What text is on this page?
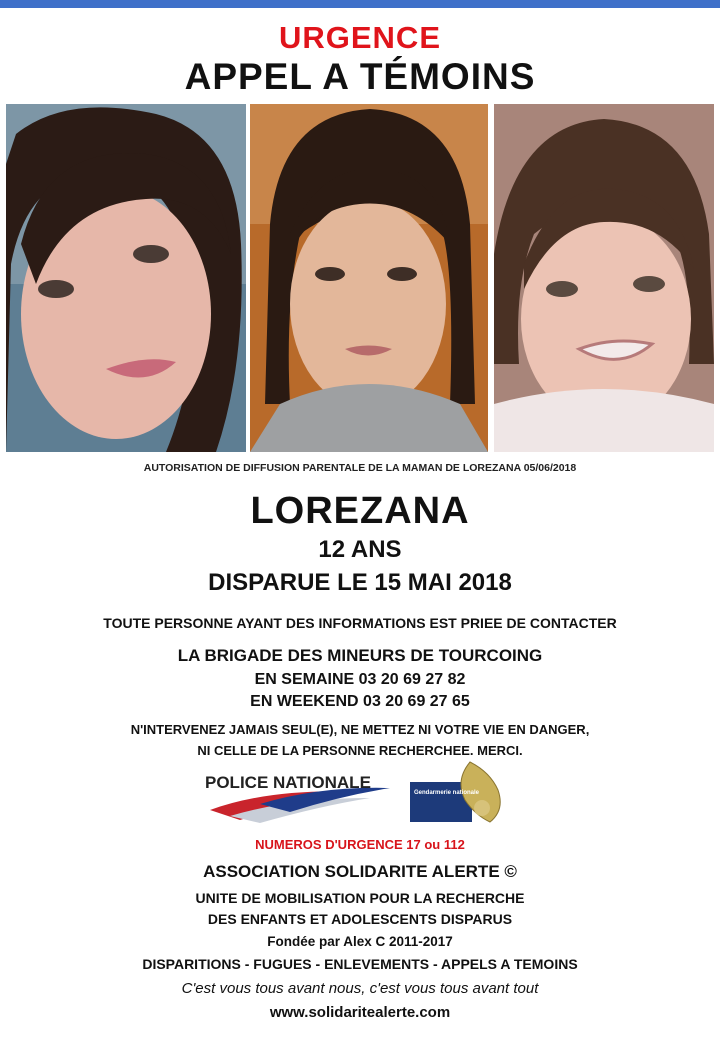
URGENCE
APPEL A TÉMOINS
AUTORISATION DE DIFFUSION PARENTALE DE LA MAMAN DE LOREZANA 05/06/2018
LOREZANA
12 ANS
DISPARUE LE 15 MAI 2018
TOUTE PERSONNE AYANT DES INFORMATIONS EST PRIEE DE CONTACTER
LA BRIGADE DES MINEURS DE TOURCOING
EN SEMAINE 03 20 69 27 82
EN WEEKEND 03 20 69 27 65
N'INTERVENEZ JAMAIS SEUL(E), NE METTEZ NI VOTRE VIE EN DANGER,
NI CELLE DE LA PERSONNE RECHERCHEE. MERCI.
POLICE NATIONALE
Gendarmerie nationale
NUMEROS D'URGENCE 17 ou 112
ASSOCIATION SOLIDARITE ALERTE ©
UNITE DE MOBILISATION POUR LA RECHERCHE
DES ENFANTS ET ADOLESCENTS DISPARUS
Fondée par Alex C 2011-2017
DISPARITIONS - FUGUES - ENLEVEMENTS - APPELS A TEMOINS
C'est vous tous avant nous, c'est vous tous avant tout
www.solidaritealerte.com
